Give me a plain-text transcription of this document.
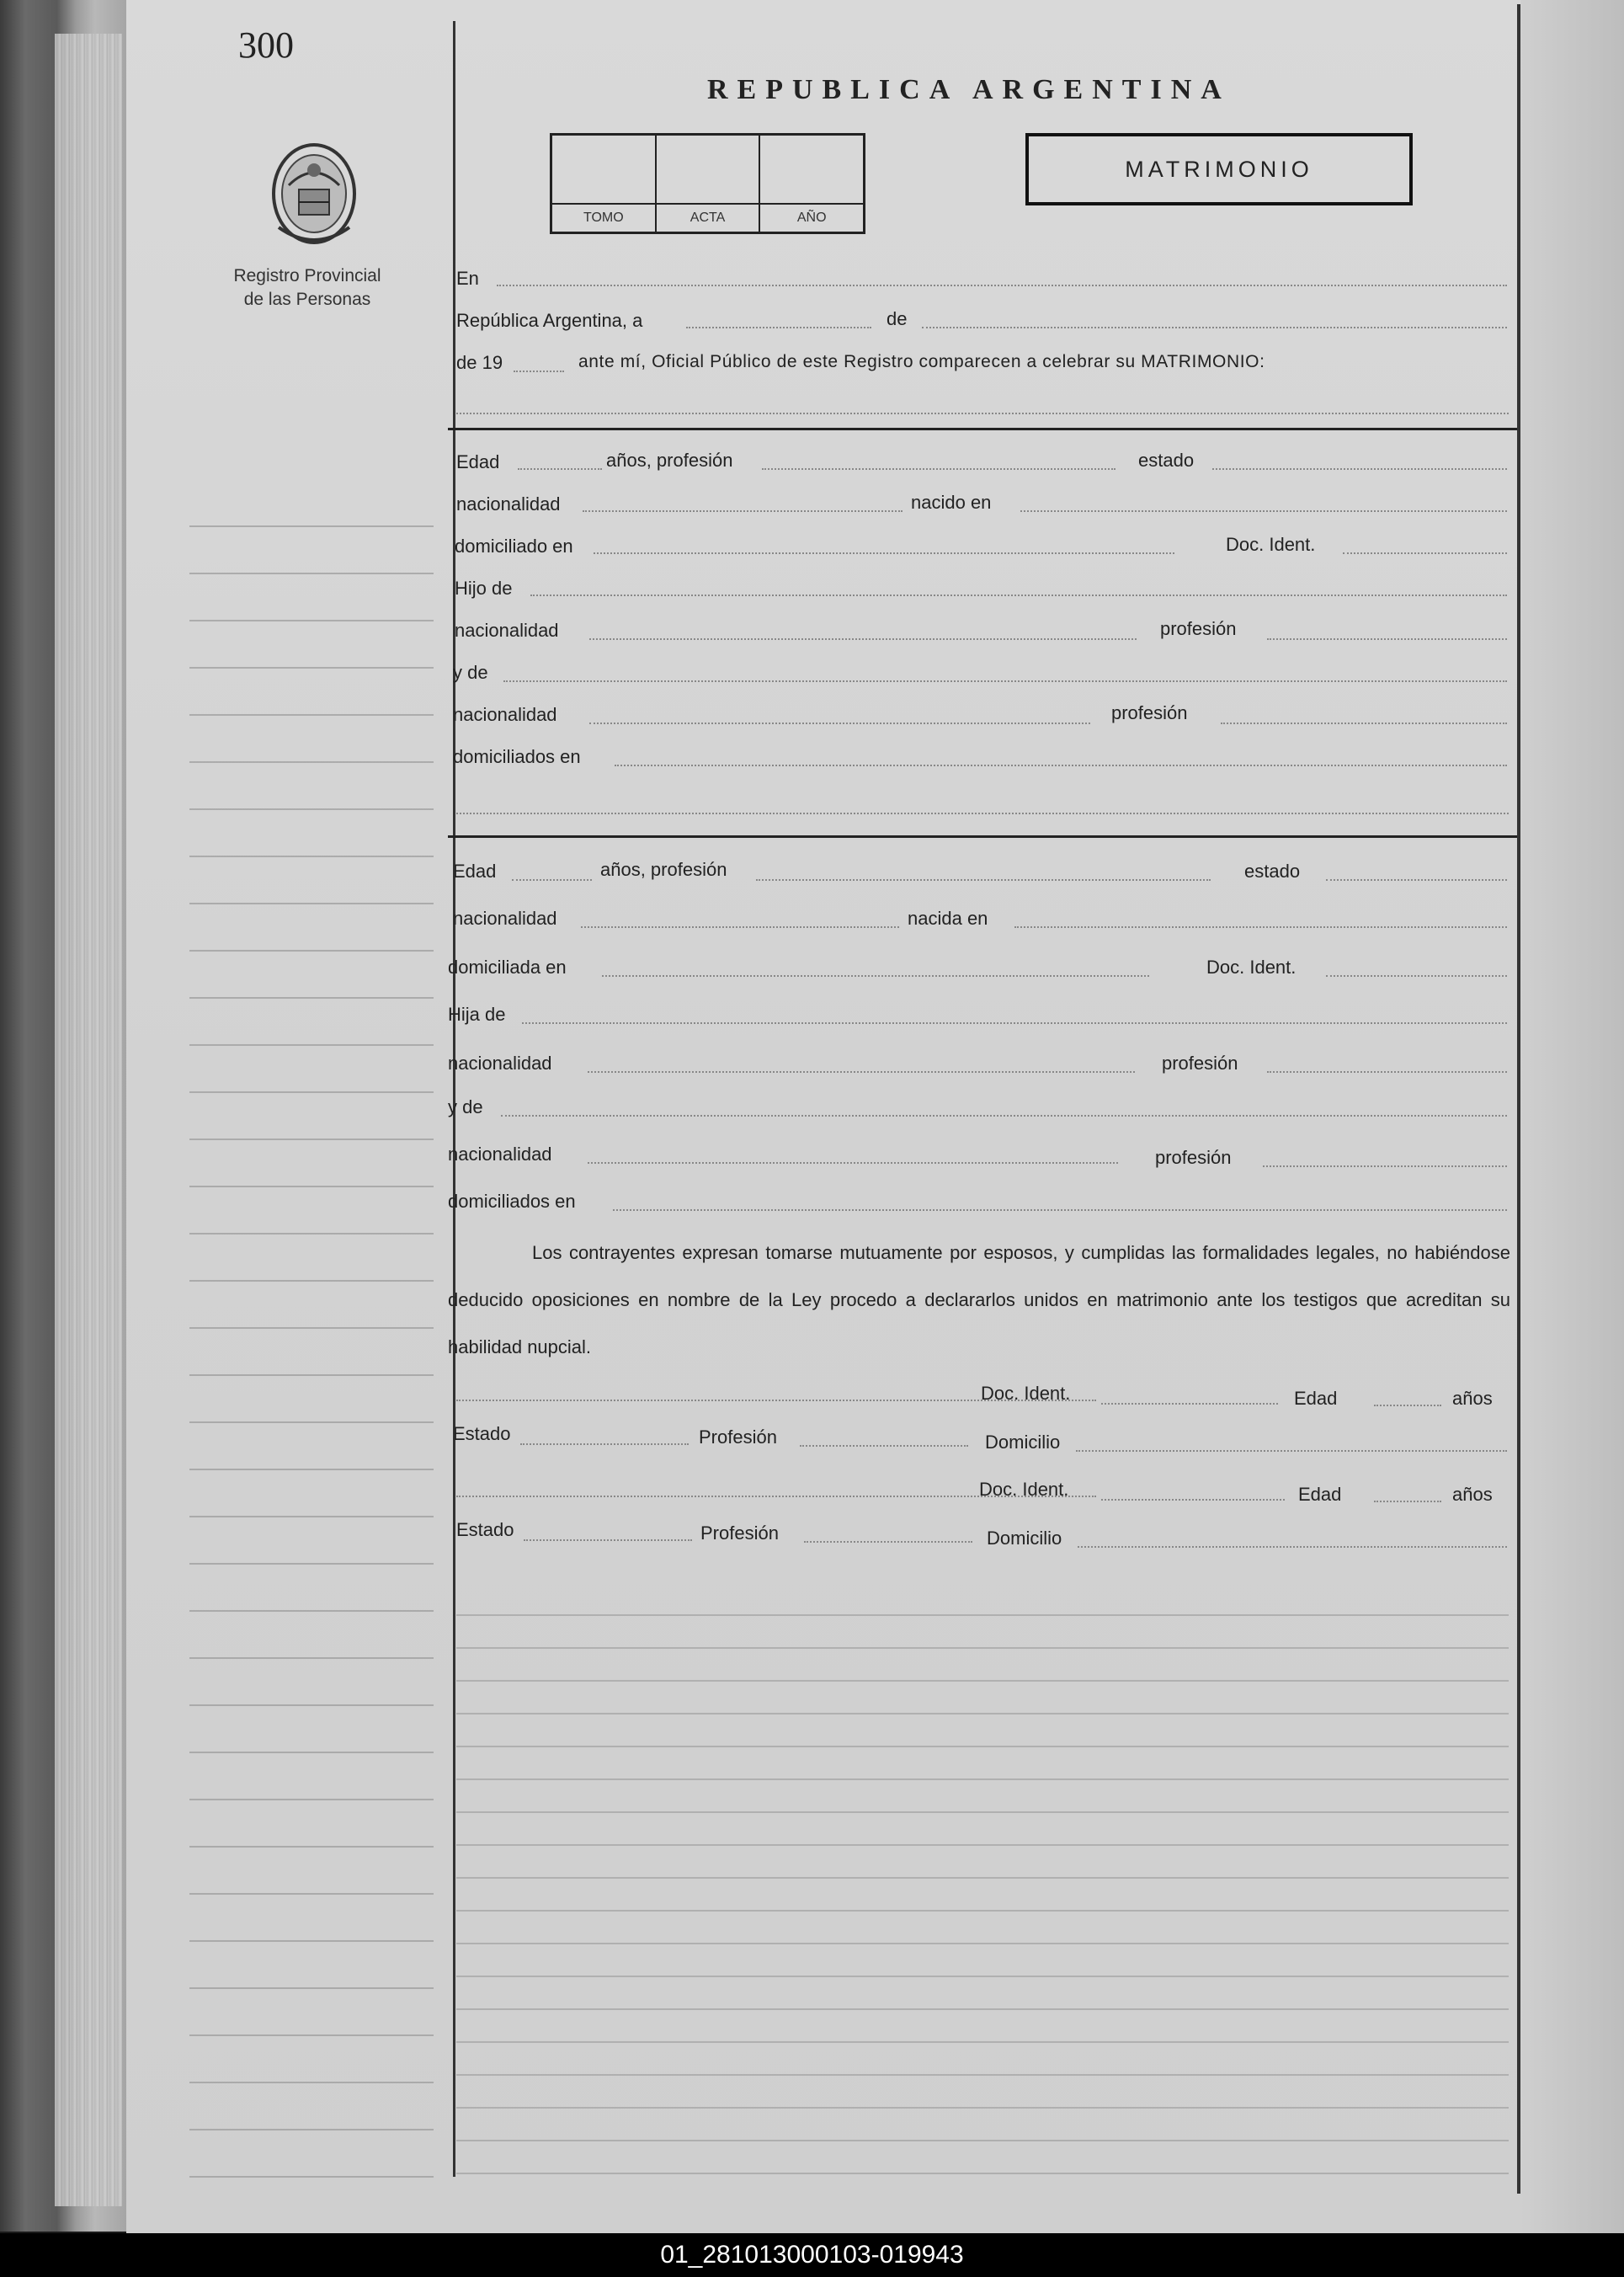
300
Registro Provincial
de las Personas
REPUBLICA ARGENTINA
TOMO	ACTA	AÑO
MATRIMONIO
En
República Argentina, a	de
de 19	ante mí, Oficial Público de este Registro comparecen a celebrar su MATRIMONIO:
Edad	años, profesión	estado
nacionalidad	nacido en
domiciliado en	Doc. Ident.
Hijo de
nacionalidad	profesión
y de
nacionalidad	profesión
domiciliados en
Edad	años, profesión	estado
nacionalidad	nacida en
domiciliada en	Doc. Ident.
Hija de
nacionalidad	profesión
y de
nacionalidad	profesión
domiciliados en
Los contrayentes expresan tomarse mutuamente por esposos, y cumplidas las formalidades legales, no habiéndose deducido oposiciones en nombre de la Ley procedo a declararlos unidos en matrimonio ante los testigos que acreditan su habilidad nupcial.
Doc. Ident.	Edad	años
Estado	Profesión	Domicilio
Doc. Ident.	Edad	años
Estado	Profesión	Domicilio
01_281013000103-019943
